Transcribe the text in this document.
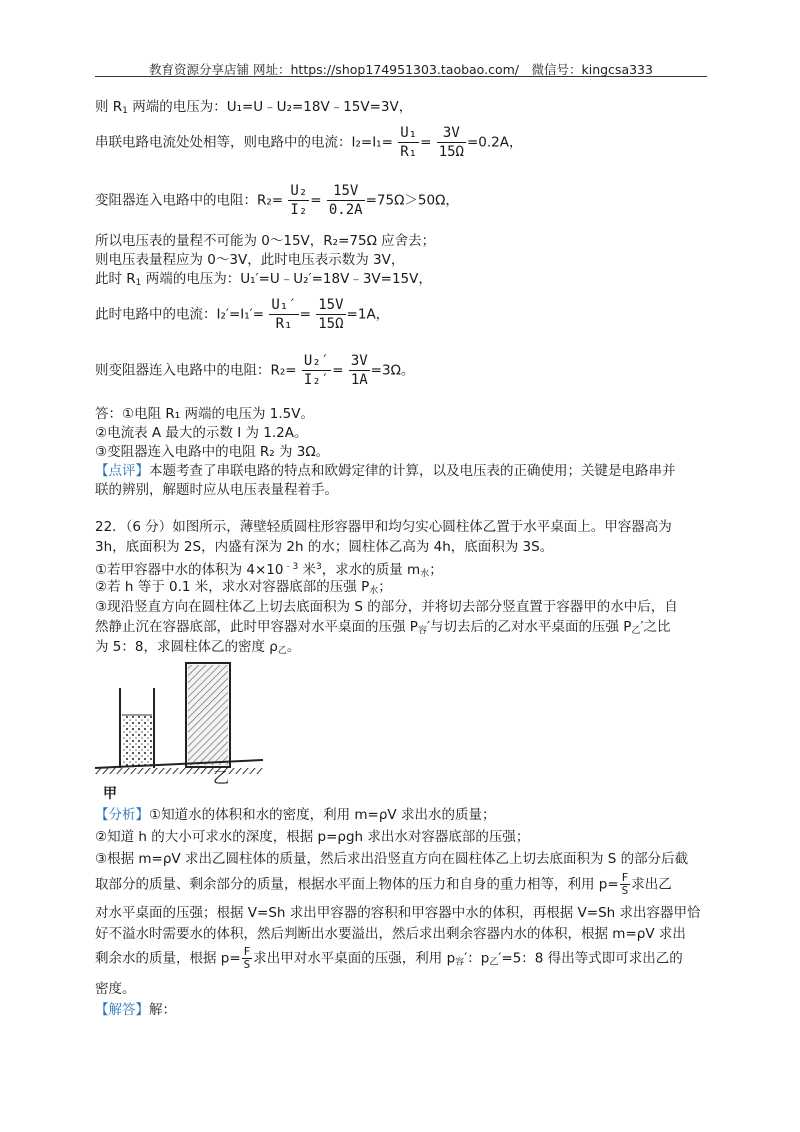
教育资源分享店铺 网址：https://shop174951303.taobao.com/　微信号：kingcsa333
则 $R_1$ 两端的电压为：U₁=U﹣U₂=18V﹣15V=3V，
串联电路电流处处相等，则电路中的电流：$I_2=I_1= \frac{\text{U₁}}{\text{R₁}} = \frac{3V}{15\Omega} =0.2A$，
变阻器连入电路中的电阻：$R_2= \frac{\text{U₂}}{\text{I₂}} = \frac{15V}{0.2A} =75\Omega>50\Omega$，
所以电压表的量程不可能为 0～15V，R₂=75Ω 应舍去；
则电压表量程应为 0～3V，此时电压表示数为 3V，
此时 $R_1$ 两端的电压为：U₁′=U﹣U₂′=18V﹣3V=15V，
此时电路中的电流：$I_2'=I_1'= \frac{\text{U₁′}}{\text{R₁}} = \frac{15V}{15\Omega} =1A$，
则变阻器连入电路中的电阻：$R_2= \frac{\text{U₂′}}{\text{I₂′}} = \frac{3V}{1A} =3\Omega$。
答：①电阻 R₁ 两端的电压为 1.5V。
②电流表 A 最大的示数 I 为 1.2A。
③变阻器连入电路中的电阻 R₂ 为 3Ω。
【点评】本题考查了串联电路的特点和欧姆定律的计算，以及电压表的正确使用；关键是电路串并
联的辨别，解题时应从电压表量程着手。
22．（6 分）如图所示，薄壁轻质圆柱形容器甲和均匀实心圆柱体乙置于水平桌面上。甲容器高为
3h，底面积为 2S，内盛有深为 2h 的水；圆柱体乙高为 4h，底面积为 3S。
①若甲容器中水的体积为 $4\times 10^{﹣3}$ 米$^3$，求水的质量 $m_水$；
②若 h 等于 0.1 米，求水对容器底部的压强 $P_水$；
③现沿竖直方向在圆柱体乙上切去底面积为 S 的部分，并将切去部分竖直置于容器甲的水中后，自
然静止沉在容器底部，此时甲容器对水平桌面的压强 $P_容'$与切去后的乙对水平桌面的压强 $P_乙'$之比
为 5：8，求圆柱体乙的密度 $\rho_乙$。
甲
乙
【分析】①知道水的体积和水的密度，利用 m=ρV 求出水的质量；
②知道 h 的大小可求水的深度，根据 p=ρgh 求出水对容器底部的压强；
③根据 m=ρV 求出乙圆柱体的质量，然后求出沿竖直方向在圆柱体乙上切去底面积为 S 的部分后截
取部分的质量、剩余部分的质量，根据水平面上物体的压力和自身的重力相等，利用 $p= \frac{F}{S}$ 求出乙
对水平桌面的压强；根据 V=Sh 求出甲容器的容积和甲容器中水的体积，再根据 V=Sh 求出容器甲恰
好不溢水时需要水的体积，然后判断出水要溢出，然后求出剩余容器内水的体积，根据 m=ρV 求出
剩余水的质量，根据 $p= \frac{F}{S}$ 求出甲对水平桌面的压强，利用 $p_容'$：$p_乙'=5$：8 得出等式即可求出乙的
密度。
【解答】解：
